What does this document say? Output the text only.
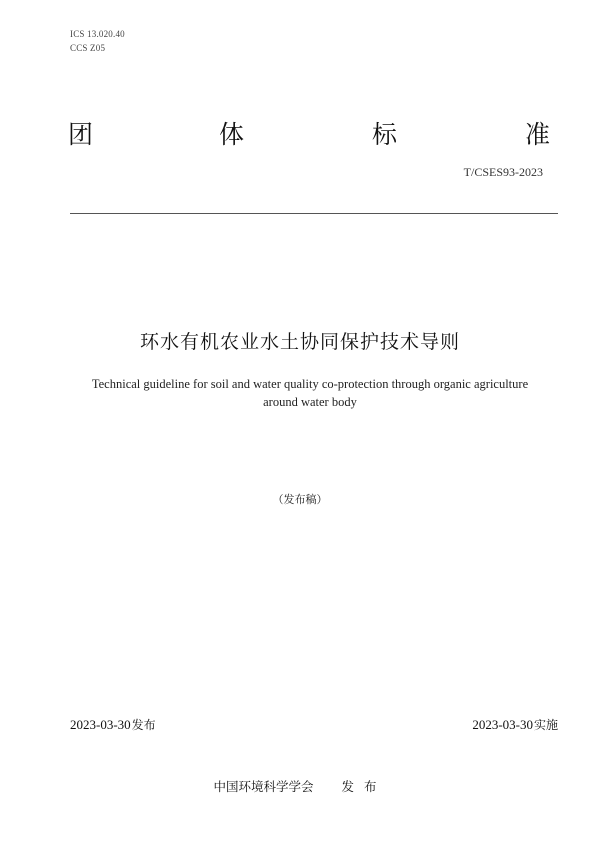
ICS 13.020.40
CCS Z05
团	体	标	准
T/CSES93-2023
环水有机农业水土协同保护技术导则
Technical guideline for soil and water quality co-protection through organic agriculture around water body
（发布稿）
2023-03-30发布	2023-03-30实施
中国环境科学学会 发布
